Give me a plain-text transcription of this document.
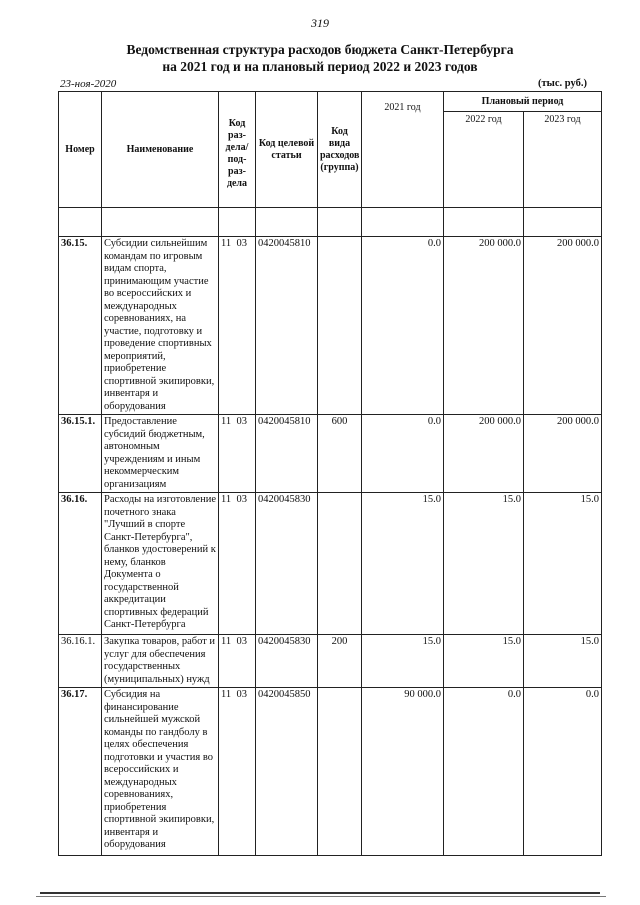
319
Ведомственная структура расходов бюджета Санкт-Петербурга
на 2021 год и на плановый период 2022 и 2023 годов
23-ноя-2020	(тыс. руб.)
Номер	Наименование	Код раз- дела/ под- раз- дела	Код целевой статьи	Код вида расходов (группа)	2021 год	Плановый период	
						2022 год	2023 год

36.15.	Субсидии сильнейшим командам по игровым видам спорта, принимающим участие во всероссийских и международных соревнованиях, на участие, подготовку и проведение спортивных мероприятий, приобретение спортивной экипировки, инвентаря и оборудования	11 03	0420045810		0.0	200 000.0	200 000.0
36.15.1.	Предоставление субсидий бюджетным, автономным учреждениям и иным некоммерческим организациям	11 03	0420045810	600	0.0	200 000.0	200 000.0
36.16.	Расходы на изготовление почетного знака "Лучший в спорте Санкт-Петербурга", бланков удостоверений к нему, бланков Документа о государственной аккредитации спортивных федераций Санкт-Петербурга	11 03	0420045830		15.0	15.0	15.0
36.16.1.	Закупка товаров, работ и услуг для обеспечения государственных (муниципальных) нужд	11 03	0420045830	200	15.0	15.0	15.0
36.17.	Субсидия на финансирование сильнейшей мужской команды по гандболу в целях обеспечения подготовки и участия во всероссийских и международных соревнованиях, приобретения спортивной экипировки, инвентаря и оборудования	11 03	0420045850		90 000.0	0.0	0.0
